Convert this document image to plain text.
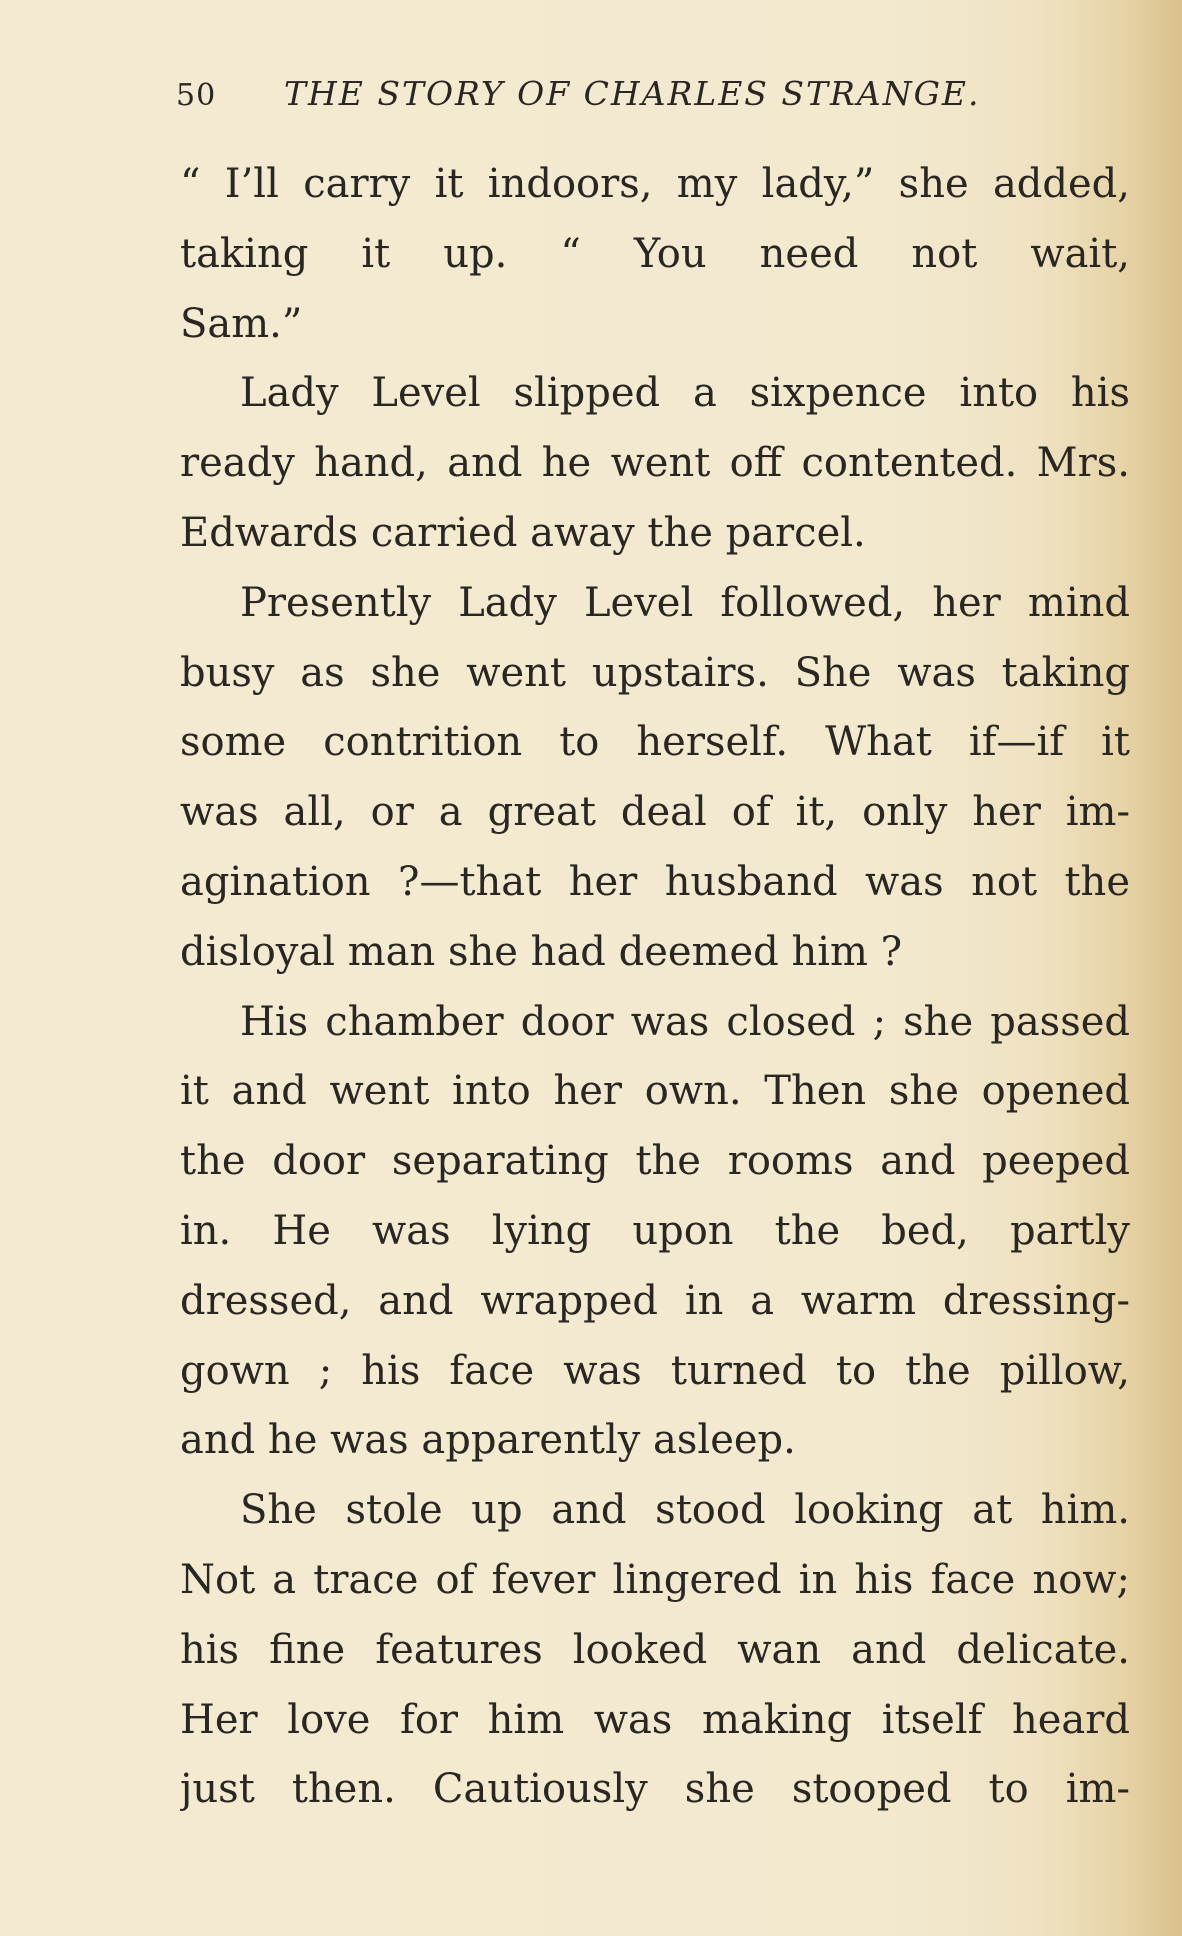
50 THE STORY OF CHARLES STRANGE.
“ I’ll carry it indoors, my lady,” she added,
taking it up. “ You need not wait,
Sam.”
Lady Level slipped a sixpence into his
ready hand, and he went off contented. Mrs.
Edwards carried away the parcel.
Presently Lady Level followed, her mind
busy as she went upstairs. She was taking
some contrition to herself. What if—if it
was all, or a great deal of it, only her im-
agination ?—that her husband was not the
disloyal man she had deemed him ?
His chamber door was closed ; she passed
it and went into her own. Then she opened
the door separating the rooms and peeped
in. He was lying upon the bed, partly
dressed, and wrapped in a warm dressing-
gown ; his face was turned to the pillow,
and he was apparently asleep.
She stole up and stood looking at him.
Not a trace of fever lingered in his face now;
his fine features looked wan and delicate.
Her love for him was making itself heard
just then. Cautiously she stooped to im-
